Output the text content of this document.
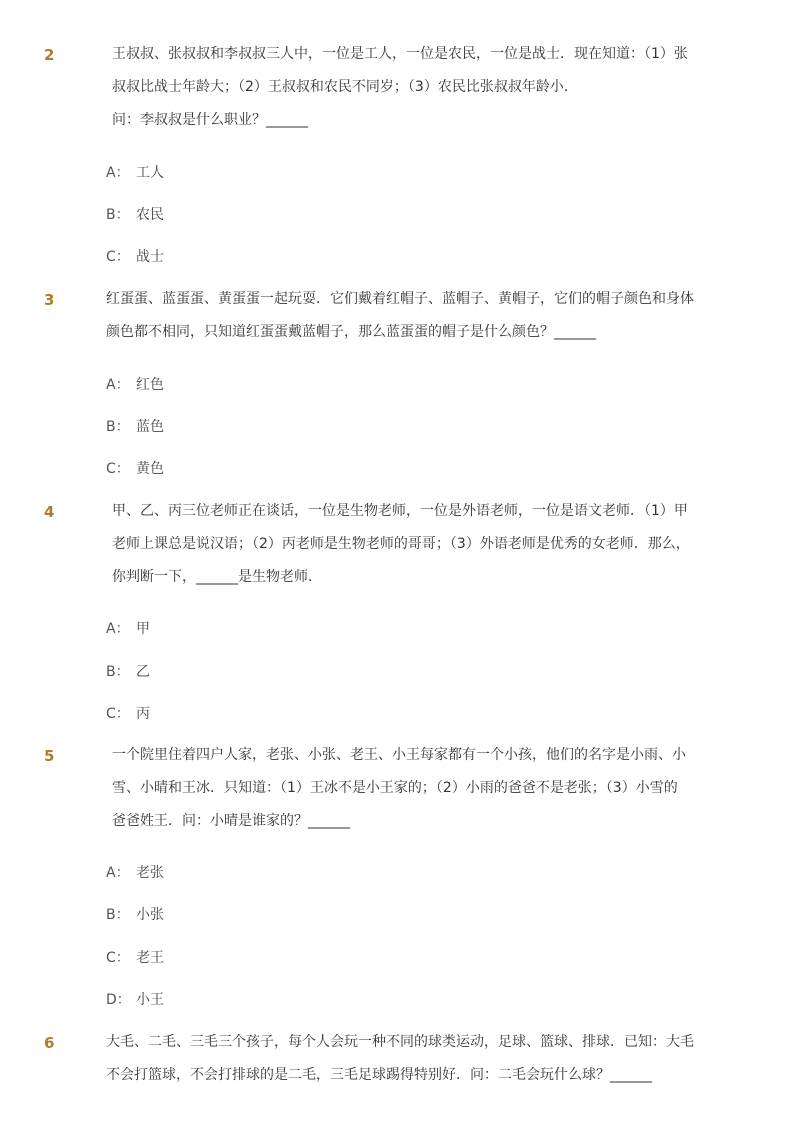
2	王叔叔、张叔叔和李叔叔三人中，一位是工人，一位是农民，一位是战士．现在知道：（1）张
叔叔比战士年龄大；（2）王叔叔和农民不同岁；（3）农民比张叔叔年龄小．
问：李叔叔是什么职业？______
A： 工人
B： 农民
C： 战士
3	红蛋蛋、蓝蛋蛋、黄蛋蛋一起玩耍．它们戴着红帽子、蓝帽子、黄帽子，它们的帽子颜色和身体
颜色都不相同，只知道红蛋蛋戴蓝帽子，那么蓝蛋蛋的帽子是什么颜色？______
A： 红色
B： 蓝色
C： 黄色
4	甲、乙、丙三位老师正在谈话，一位是生物老师，一位是外语老师，一位是语文老师．（1）甲
老师上课总是说汉语；（2）丙老师是生物老师的哥哥；（3）外语老师是优秀的女老师．那么，
你判断一下，______是生物老师．
A： 甲
B： 乙
C： 丙
5	一个院里住着四户人家，老张、小张、老王、小王每家都有一个小孩，他们的名字是小雨、小
雪、小晴和王冰．只知道：（1）王冰不是小王家的；（2）小雨的爸爸不是老张；（3）小雪的
爸爸姓王．问：小晴是谁家的？______
A： 老张
B： 小张
C： 老王
D： 小王
6	大毛、二毛、三毛三个孩子，每个人会玩一种不同的球类运动，足球、篮球、排球．已知：大毛
不会打篮球，不会打排球的是二毛，三毛足球踢得特别好．问：二毛会玩什么球？______
